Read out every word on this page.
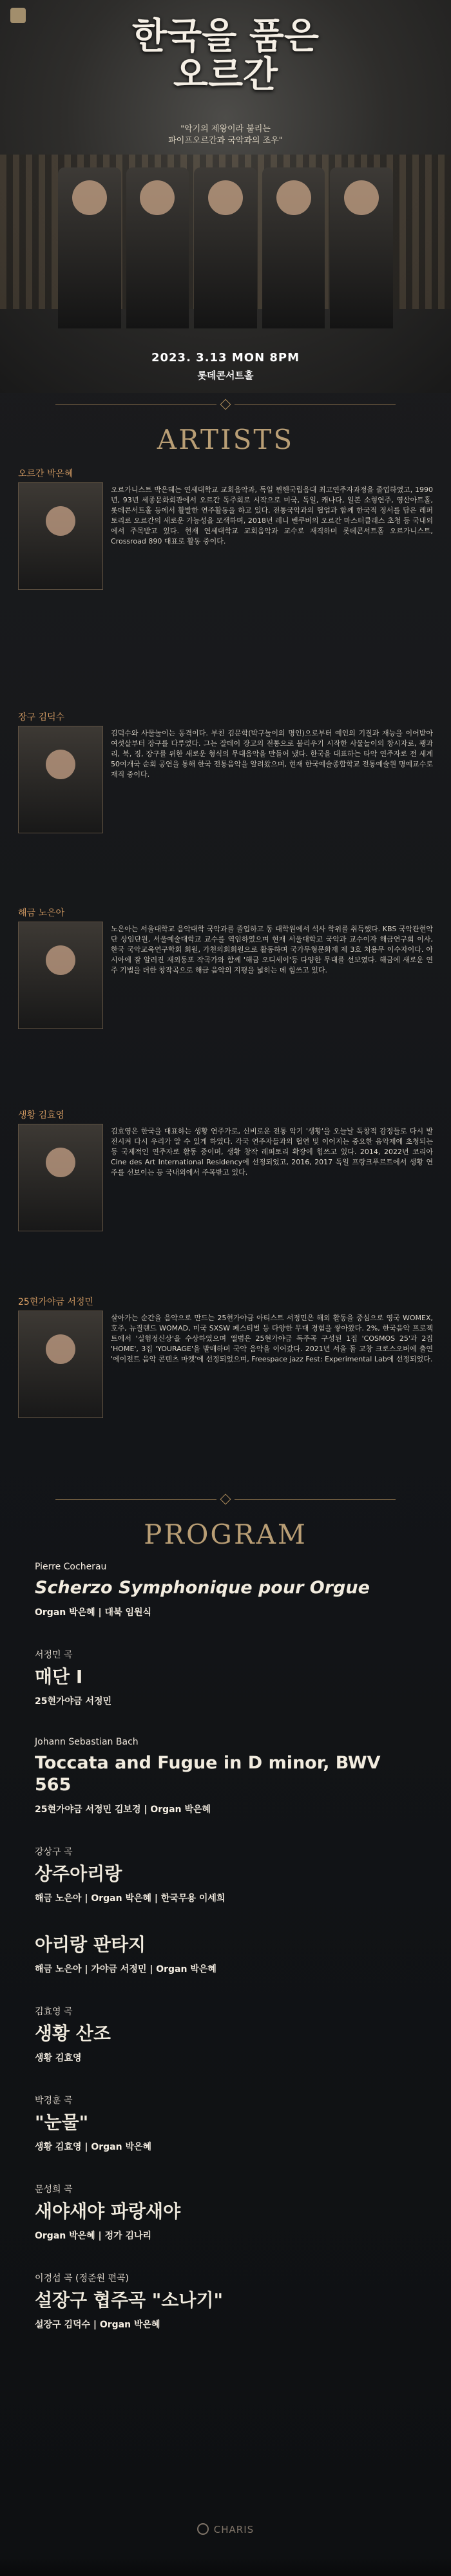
한국을 품은
오르간
"악기의 제왕이라 불리는
파이프오르간과 국악과의 조우"
2023. 3.13 MON 8PM
롯데콘서트홀
ARTISTS
오르간 박은혜
오르가니스트 박은혜는 연세대학교 교회음악과, 독일 뮌헨국립음대 최고연주자과정을 졸업하였고, 1990년, 93년 세종문화회관에서 오르간 독주회로 시작으로 미국, 독일, 캐나다, 일본 소형연주, 영산아트홀, 롯데콘서트홀 등에서 활발한 연주활동을 하고 있다. 전통국악과의 협업과 함께 한국적 정서를 담은 레퍼토리로 오르간의 새로운 가능성을 모색하며, 2018년 레니 벤쿠버의 오르간 마스터클래스 초청 등 국내외에서 주목받고 있다. 현재 연세대학교 교회음악과 교수로 재직하며 롯데콘서트홀 오르가니스트, Crossroad 890 대표로 활동 중이다.
장구 김덕수
김덕수와 사물놀이는 동격이다. 부친 김문학(박구놀이의 명인)으로부터 예인의 기질과 재능을 이어받아 여섯살부터 장구를 다루었다. 그는 잘데이 장고의 전통으로 불리우기 시작한 사물놀이의 창시자로, 꽹과리, 북, 징, 장구를 위한 새로운 형식의 무대음악을 만들어 냈다. 한국을 대표하는 타악 연주자로 전 세계 50여개국 순회 공연을 통해 한국 전통음악을 알려왔으며, 현재 한국예술종합학교 전통예술원 명예교수로 재직 중이다.
해금 노은아
노은아는 서울대학교 음악대학 국악과를 졸업하고 동 대학원에서 석사 학위를 취득했다. KBS 국악관현악단 상임단원, 서울예술대학교 교수를 역임하였으며 현재 서울대학교 국악과 교수이자 해금연구회 이사, 한국 국악교육연구학회 회원, 가천의회회원으로 활동하며 국가무형문화재 제 3호 처용무 이수자이다. 아시아에 잘 알려진 재외동포 작곡가와 함께 '해금 오디세이'등 다양한 무대를 선보였다. 해금에 새로운 연주 기법을 더한 창작곡으로 해금 음악의 지평을 넓히는 데 힘쓰고 있다.
생황 김효영
김효영은 한국을 대표하는 생황 연주가로, 신비로운 전통 악기 '생황'을 오늘날 독창적 감정들로 다시 발전시켜 다시 우리가 알 수 있게 하였다. 각국 연주자들과의 협연 및 이어지는 중요한 음악제에 초청되는 등 국제적인 연주자로 활동 중이며, 생황 창작 레퍼토리 확장에 힘쓰고 있다. 2014, 2022년 코리아 Cine des Art International Residency에 선정되었고, 2016, 2017 독일 프랑크푸르트에서 생황 연주를 선보이는 등 국내외에서 주목받고 있다.
25현가야금 서정민
살아가는 순간을 음악으로 만드는 25현가야금 아티스트 서정민은 해외 활동을 중심으로 영국 WOMEX, 호주, 뉴질랜드 WOMAD, 미국 SXSW 페스티벌 등 다양한 무대 경험을 쌓아왔다. 2%, 한국음악 프로젝트에서 '실험정신상'을 수상하였으며 앨범은 25현가야금 독주곡 구성된 1집 'COSMOS 25'과 2집 'HOME', 3집 'YOURAGE'을 발매하며 국악 음악을 이어갔다. 2021년 서울 돌 고창 크로스오버에 출연 '에이전트 음악 콘텐츠 마켓'에 선정되었으며, Freespace jazz Fest: Experimental Lab에 선정되었다.
PROGRAM
Pierre Cocherau
Scherzo Symphonique pour Orgue
Organ 박은혜 | 대북 임원식
서정민 곡
매단 I
25현가야금 서정민
Johann Sebastian Bach
Toccata and Fugue in D minor, BWV 565
25현가야금 서정민 김보경 | Organ 박은혜
강상구 곡
상주아리랑
해금 노은아 | Organ 박은혜 | 한국무용 이세희
아리랑 판타지
해금 노은아 | 가야금 서정민 | Organ 박은혜
김효영 곡
생황 산조
생황 김효영
박경훈 곡
"눈물"
생황 김효영 | Organ 박은혜
문성희 곡
새야새야 파랑새야
Organ 박은혜 | 정가 김나리
이경섭 곡 (정준원 편곡)
설장구 협주곡 "소나기"
설장구 김덕수 | Organ 박은혜
CHARIS
